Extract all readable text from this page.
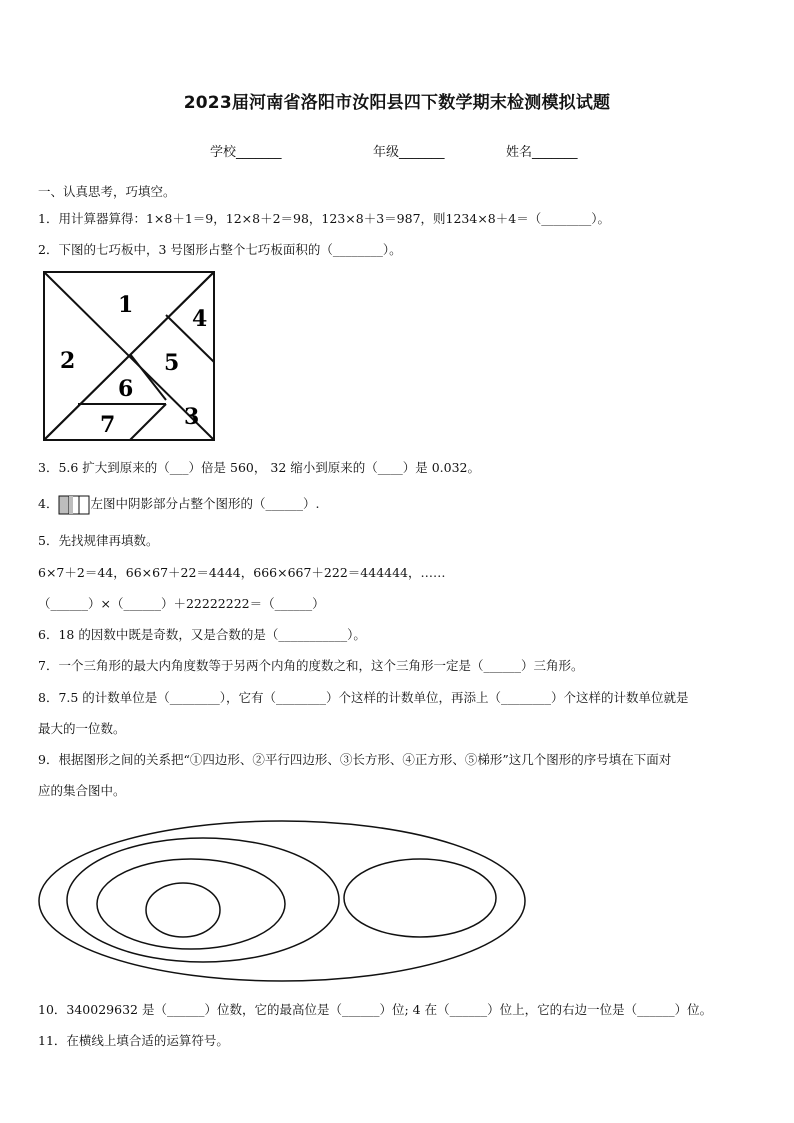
2023届河南省洛阳市汝阳县四下数学期末检测模拟试题
学校_______	年级_______	姓名_______
一、认真思考，巧填空。
1．用计算器算得：1×8＋1＝9，12×8＋2＝98，123×8＋3＝987，则1234×8＋4＝（________）。
2．下图的七巧板中，3 号图形占整个七巧板面积的（________）。
1
4
2	5
6
3
7
3．5.6 扩大到原来的（___）倍是 560， 32 缩小到原来的（____）是 0.032。
4．	左图中阴影部分占整个图形的（______）.
5．先找规律再填数。
6×7＋2＝44，66×67＋22＝4444，666×667＋222＝444444，……
（______）×（______）＋22222222＝（______）
6．18 的因数中既是奇数，又是合数的是（___________）。
7．一个三角形的最大内角度数等于另两个内角的度数之和，这个三角形一定是（______）三角形。
8．7.5 的计数单位是（________），它有（________）个这样的计数单位，再添上（________）个这样的计数单位就是
最大的一位数。
9．根据图形之间的关系把“①四边形、②平行四边形、③长方形、④正方形、⑤梯形”这几个图形的序号填在下面对
应的集合图中。
10．340029632 是（______）位数，它的最高位是（______）位; 4 在（______）位上，它的右边一位是（______）位。
11．在横线上填合适的运算符号。
